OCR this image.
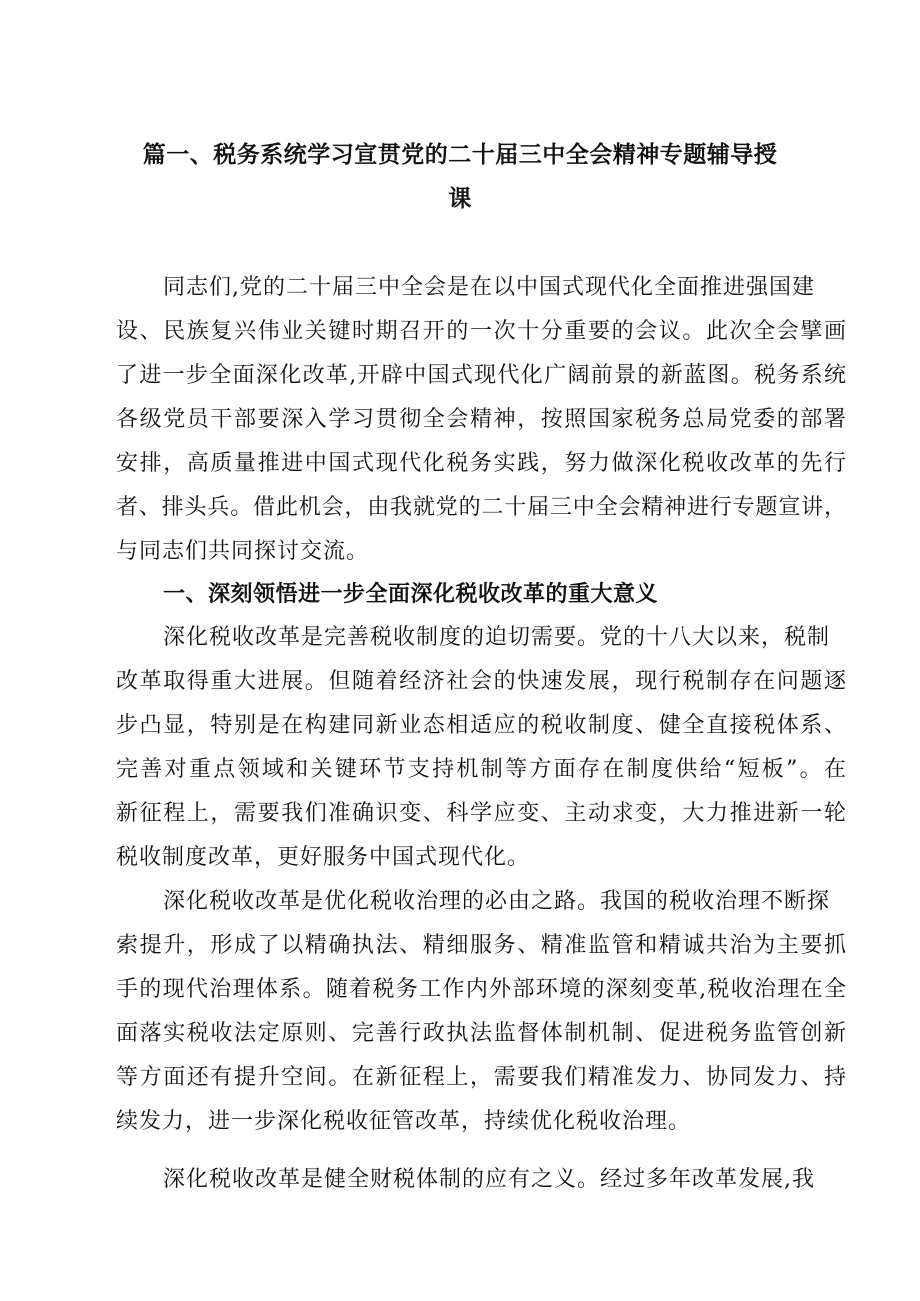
篇一、税务系统学习宣贯党的二十届三中全会精神专题辅导授
课
同志们,党的二十届三中全会是在以中国式现代化全面推进强国建
设、民族复兴伟业关键时期召开的一次十分重要的会议。此次全会擘画
了进一步全面深化改革,开辟中国式现代化广阔前景的新蓝图。税务系统
各级党员干部要深入学习贯彻全会精神，按照国家税务总局党委的部署
安排，高质量推进中国式现代化税务实践，努力做深化税收改革的先行
者、排头兵。借此机会，由我就党的二十届三中全会精神进行专题宣讲，
与同志们共同探讨交流。
一、深刻领悟进一步全面深化税收改革的重大意义
深化税收改革是完善税收制度的迫切需要。党的十八大以来，税制
改革取得重大进展。但随着经济社会的快速发展，现行税制存在问题逐
步凸显，特别是在构建同新业态相适应的税收制度、健全直接税体系、
完善对重点领域和关键环节支持机制等方面存在制度供给“短板”。在
新征程上，需要我们准确识变、科学应变、主动求变，大力推进新一轮
税收制度改革，更好服务中国式现代化。
深化税收改革是优化税收治理的必由之路。我国的税收治理不断探
索提升，形成了以精确执法、精细服务、精准监管和精诚共治为主要抓
手的现代治理体系。随着税务工作内外部环境的深刻变革,税收治理在全
面落实税收法定原则、完善行政执法监督体制机制、促进税务监管创新
等方面还有提升空间。在新征程上，需要我们精准发力、协同发力、持
续发力，进一步深化税收征管改革，持续优化税收治理。
深化税收改革是健全财税体制的应有之义。经过多年改革发展,我
